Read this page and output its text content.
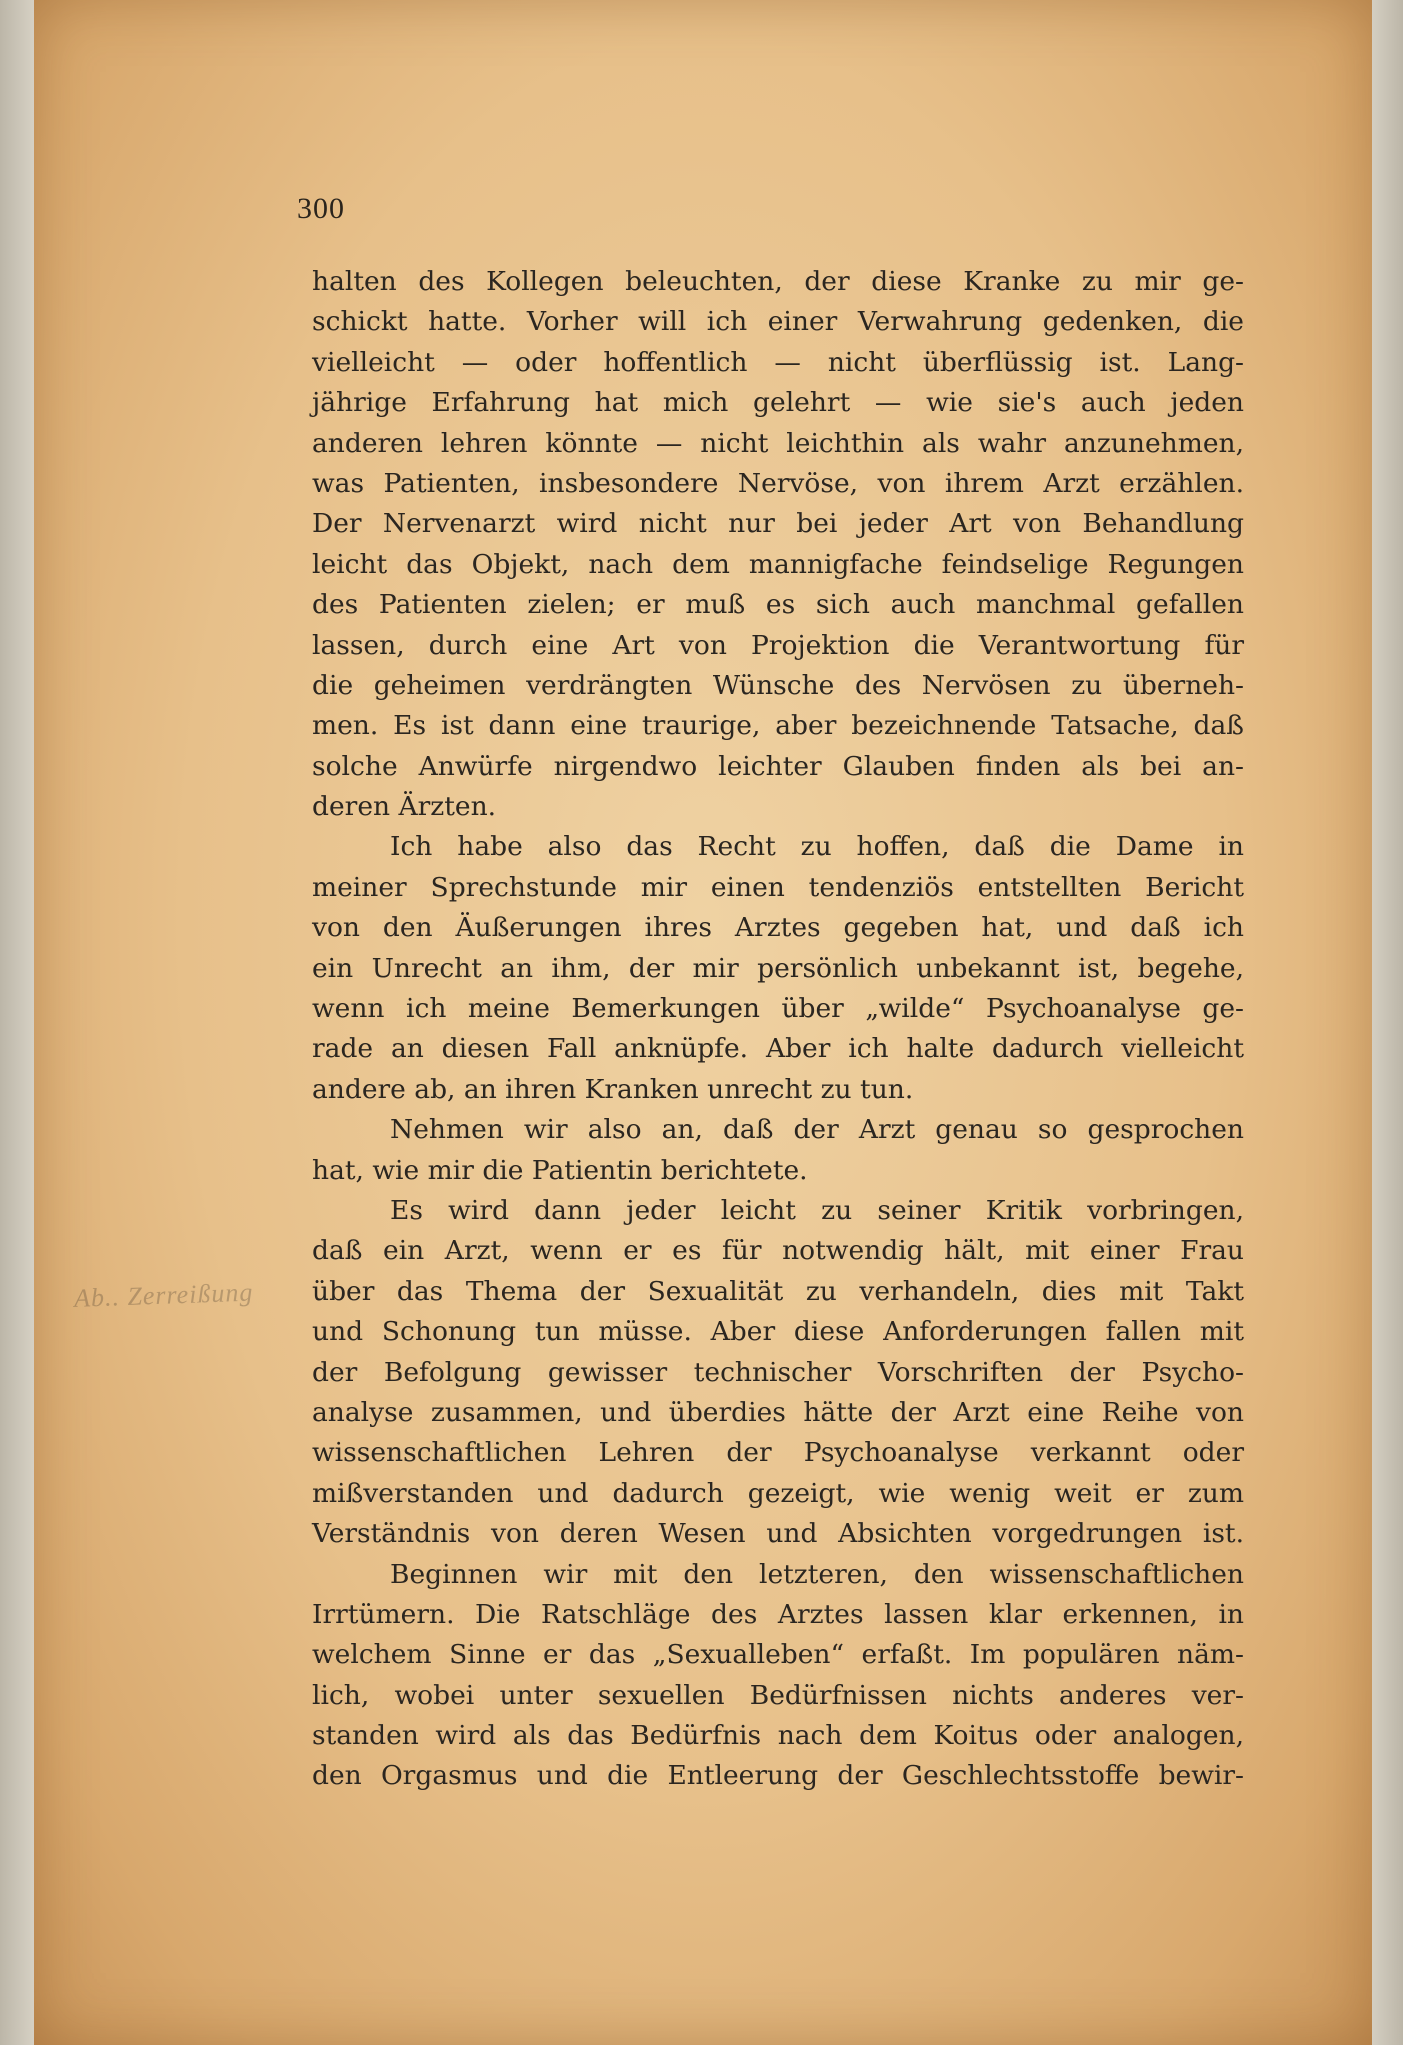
300
Ab.. Zerreißung
halten des Kollegen beleuchten, der diese Kranke zu mir ge-
schickt hatte. Vorher will ich einer Verwahrung gedenken, die
vielleicht — oder hoffentlich — nicht überflüssig ist. Lang-
jährige Erfahrung hat mich gelehrt — wie sie's auch jeden
anderen lehren könnte — nicht leichthin als wahr anzunehmen,
was Patienten, insbesondere Nervöse, von ihrem Arzt erzählen.
Der Nervenarzt wird nicht nur bei jeder Art von Behandlung
leicht das Objekt, nach dem mannigfache feindselige Regungen
des Patienten zielen; er muß es sich auch manchmal gefallen
lassen, durch eine Art von Projektion die Verantwortung für
die geheimen verdrängten Wünsche des Nervösen zu überneh-
men. Es ist dann eine traurige, aber bezeichnende Tatsache, daß
solche Anwürfe nirgendwo leichter Glauben finden als bei an-
deren Ärzten.
Ich habe also das Recht zu hoffen, daß die Dame in
meiner Sprechstunde mir einen tendenziös entstellten Bericht
von den Äußerungen ihres Arztes gegeben hat, und daß ich
ein Unrecht an ihm, der mir persönlich unbekannt ist, begehe,
wenn ich meine Bemerkungen über „wilde“ Psychoanalyse ge-
rade an diesen Fall anknüpfe. Aber ich halte dadurch vielleicht
andere ab, an ihren Kranken unrecht zu tun.
Nehmen wir also an, daß der Arzt genau so gesprochen
hat, wie mir die Patientin berichtete.
Es wird dann jeder leicht zu seiner Kritik vorbringen,
daß ein Arzt, wenn er es für notwendig hält, mit einer Frau
über das Thema der Sexualität zu verhandeln, dies mit Takt
und Schonung tun müsse. Aber diese Anforderungen fallen mit
der Befolgung gewisser technischer Vorschriften der Psycho-
analyse zusammen, und überdies hätte der Arzt eine Reihe von
wissenschaftlichen Lehren der Psychoanalyse verkannt oder
mißverstanden und dadurch gezeigt, wie wenig weit er zum
Verständnis von deren Wesen und Absichten vorgedrungen ist.
Beginnen wir mit den letzteren, den wissenschaftlichen
Irrtümern. Die Ratschläge des Arztes lassen klar erkennen, in
welchem Sinne er das „Sexualleben“ erfaßt. Im populären näm-
lich, wobei unter sexuellen Bedürfnissen nichts anderes ver-
standen wird als das Bedürfnis nach dem Koitus oder analogen,
den Orgasmus und die Entleerung der Geschlechtsstoffe bewir-
